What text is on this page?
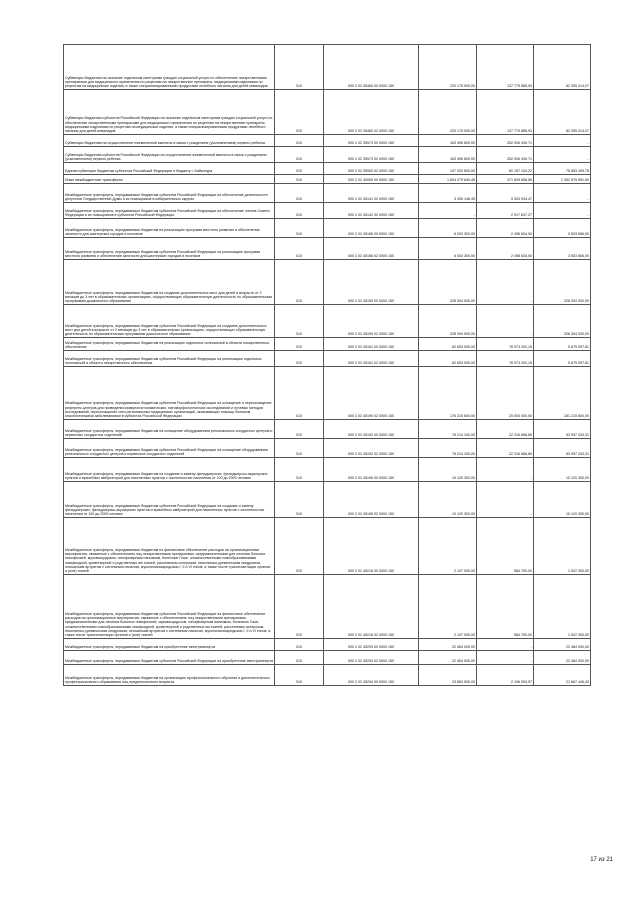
Субвенции бюджетам на оказание отдельным категориям граждан социальной услуги по обеспечению лекарственными препаратами для медицинского применения по рецептам на лекарственные препараты, медицинскими изделиями по рецептам на медицинские изделия, а также специализированными продуктами лечебного питания для детей-инвалидов	010	000 2 02 35460 00 0000 150	220 175 000,00	137 779 885,93	82 395 014,07
Субвенции бюджетам субъектов Российской Федерации на оказание отдельным категориям граждан социальной услуги по обеспечению лекарственными препаратами для медицинского применения по рецептам на лекарственные препараты, медицинскими изделиями по рецептам на медицинские изделия, а также специализированными продуктами лечебного питания для детей-инвалидов	010	000 2 02 35460 02 0000 150	220 175 000,00	137 779 885,93	82 395 014,07
Субвенции бюджетам на осуществление ежемесячной выплаты в связи с рождением (усыновлением) первого ребенка	010	000 2 02 35573 00 0000 150	163 498 600,00	252 026 439,71	-
Субвенции бюджетам субъектов Российской Федерации на осуществление ежемесячной выплаты в связи с рождением (усыновлением) первого ребенка	010	000 2 02 35573 02 0000 150	163 498 600,00	252 026 439,71	-
Единая субвенция бюджетам субъектов Российской Федерации и бюджету г. Байконура	010	000 2 02 35900 02 0000 150	137 002 600,00	60 157 104,22	76 853 495,78
Иные межбюджетные трансферты	010	000 2 02 40000 00 0000 150	1 604 279 840,45	371 609 658,89	1 392 579 591,50
Межбюджетные трансферты, передаваемые бюджетам субъектов Российской Федерации на обеспечение деятельности депутатов Государственной Думы и их помощников в избирательных округах	010	000 2 02 45141 02 0000 150	3 305 146,45	5 303 934,47	-
Межбюджетные трансферты, передаваемые бюджетам субъектов Российской Федерации на обеспечение членов Совета Федерации и их помощников в субъектах Российской Федерации	010	000 2 02 45142 02 0000 150	-	2 917 637,27	-
Межбюджетные трансферты, передаваемые бюджетам на реализацию программ местного развития и обеспечение занятости для шахтерских городов и поселков	010	000 2 02 45156 00 0000 150	6 002 300,00	2 498 634,00	3 503 666,00
Межбюджетные трансферты, передаваемые бюджетам субъектов Российской Федерации на реализацию программ местного развития и обеспечение занятости для шахтерских городов и поселков	010	000 2 02 45156 02 0000 150	6 002 300,00	2 498 634,00	3 503 666,00
Межбюджетные трансферты, передаваемые бюджетам на создание дополнительных мест для детей в возрасте от 2 месяцев до 3 лет в образовательных организациях, осуществляющих образовательную деятельность по образовательным программам дошкольного образования	010	000 2 02 45159 00 0000 150	328 394 000,00	-	328 394 000,00
Межбюджетные трансферты, передаваемые бюджетам субъектов Российской Федерации на создание дополнительных мест для детей в возрасте от 2 месяцев до 3 лет в образовательных организациях, осуществляющих образовательную деятельность по образовательным программам дошкольного образования	010	000 2 02 45159 02 0000 150	328 394 000,00	-	328 394 000,00
Межбюджетные трансферты, передаваемые бюджетам на реализацию отдельных полномочий в области лекарственного обеспечения	010	000 2 02 45161 00 0000 150	82 653 000,00	76 973 202,19	5 679 097,81
Межбюджетные трансферты, передаваемые бюджетам субъектов Российской Федерации на реализацию отдельных полномочий в области лекарственного обеспечения	010	000 2 02 45161 02 0000 150	82 653 000,00	76 973 202,19	5 679 097,81
Межбюджетные трансферты, передаваемые бюджетам субъектов Российской Федерации на оснащение и переоснащение референс-центров для проведения иммуногистохимических, патоморфологических исследований и лучевых методов исследований, переоснащение сети региональных медицинских организаций, оказывающих помощь больным онкологическими заболеваниями в субъектах Российской Федерации	010	000 2 02 45190 02 0000 150	176 215 600,00	25 000 000,00	151 215 600,00
Межбюджетные трансферты, передаваемые бюджетам на оснащение оборудованием региональных сосудистых центров и первичных сосудистых отделений	010	000 2 02 45192 00 0000 150	76 214 100,00	22 216 666,69	53 997 433,31
Межбюджетные трансферты, передаваемые бюджетам субъектов Российской Федерации на оснащение оборудованием региональных сосудистых центров и первичных сосудистых отделений	010	000 2 02 45192 02 0000 150	76 214 100,00	22 216 666,69	53 997 433,31
Межбюджетные трансферты, передаваемые бюджетам на создание и замену фельдшерских, фельдшерско-акушерских пунктов и врачебных амбулаторий для населенных пунктов с численностью населения от 100 до 2000 человек	010	000 2 02 45196 00 0000 150	10 120 300,00	-	10 120 300,00
Межбюджетные трансферты, передаваемые бюджетам субъектов Российской Федерации на создание и замену фельдшерских, фельдшерско-акушерских пунктов и врачебных амбулаторий для населенных пунктов с численностью населения от 100 до 2000 человек	010	000 2 02 45196 02 0000 150	10 120 300,00	-	10 120 300,00
Межбюджетные трансферты, передаваемые бюджетам на финансовое обеспечение расходов на организационные мероприятия, связанные с обеспечением лиц лекарственными препаратами, предназначенными для лечения больных гемофилией, муковисцидозом, гипофизарным нанизмом, болезнью Гоше, злокачественными новообразованиями лимфоидной, кроветворной и родственных им тканей, рассеянным склерозом, гемолитико-уремическим синдромом, юношеским артритом с системным началом, мукополисахаридозом I, II и VI типов, а также после трансплантации органов и (или) тканей	010	000 2 02 45216 00 0000 150	2 107 000,00	584 700,00	1 522 300,00
Межбюджетные трансферты, передаваемые бюджетам субъектов Российской Федерации на финансовое обеспечение расходов на организационные мероприятия, связанные с обеспечением лиц лекарственными препаратами, предназначенными для лечения больных гемофилией, муковисцидозом, гипофизарным нанизмом, болезнью Гоше, злокачественными новообразованиями лимфоидной, кроветворной и родственных им тканей, рассеянным склерозом, гемолитико-уремическим синдромом, юношеским артритом с системным началом, мукополисахаридозом I, II и VI типов, а также после трансплантации органов и (или) тканей	010	000 2 02 45216 02 0000 150	2 107 000,00	584 700,00	1 522 300,00
Межбюджетные трансферты, передаваемые бюджетам на приобретение автотранспорта	010	000 2 02 45293 00 0000 150	22 464 000,00	-	22 464 000,00
Межбюджетные трансферты, передаваемые бюджетам субъектов Российской Федерации на приобретение автотранспорта	010	000 2 02 45293 02 0000 150	22 464 000,00	-	22 464 000,00
Межбюджетные трансферты, передаваемые бюджетам на организацию профессионального обучения и дополнительного профессионального образования лиц предпенсионного возраста	010	000 2 02 45294 00 0000 150	23 863 500,00	2 196 053,57	21 667 446,43
17 из 21
